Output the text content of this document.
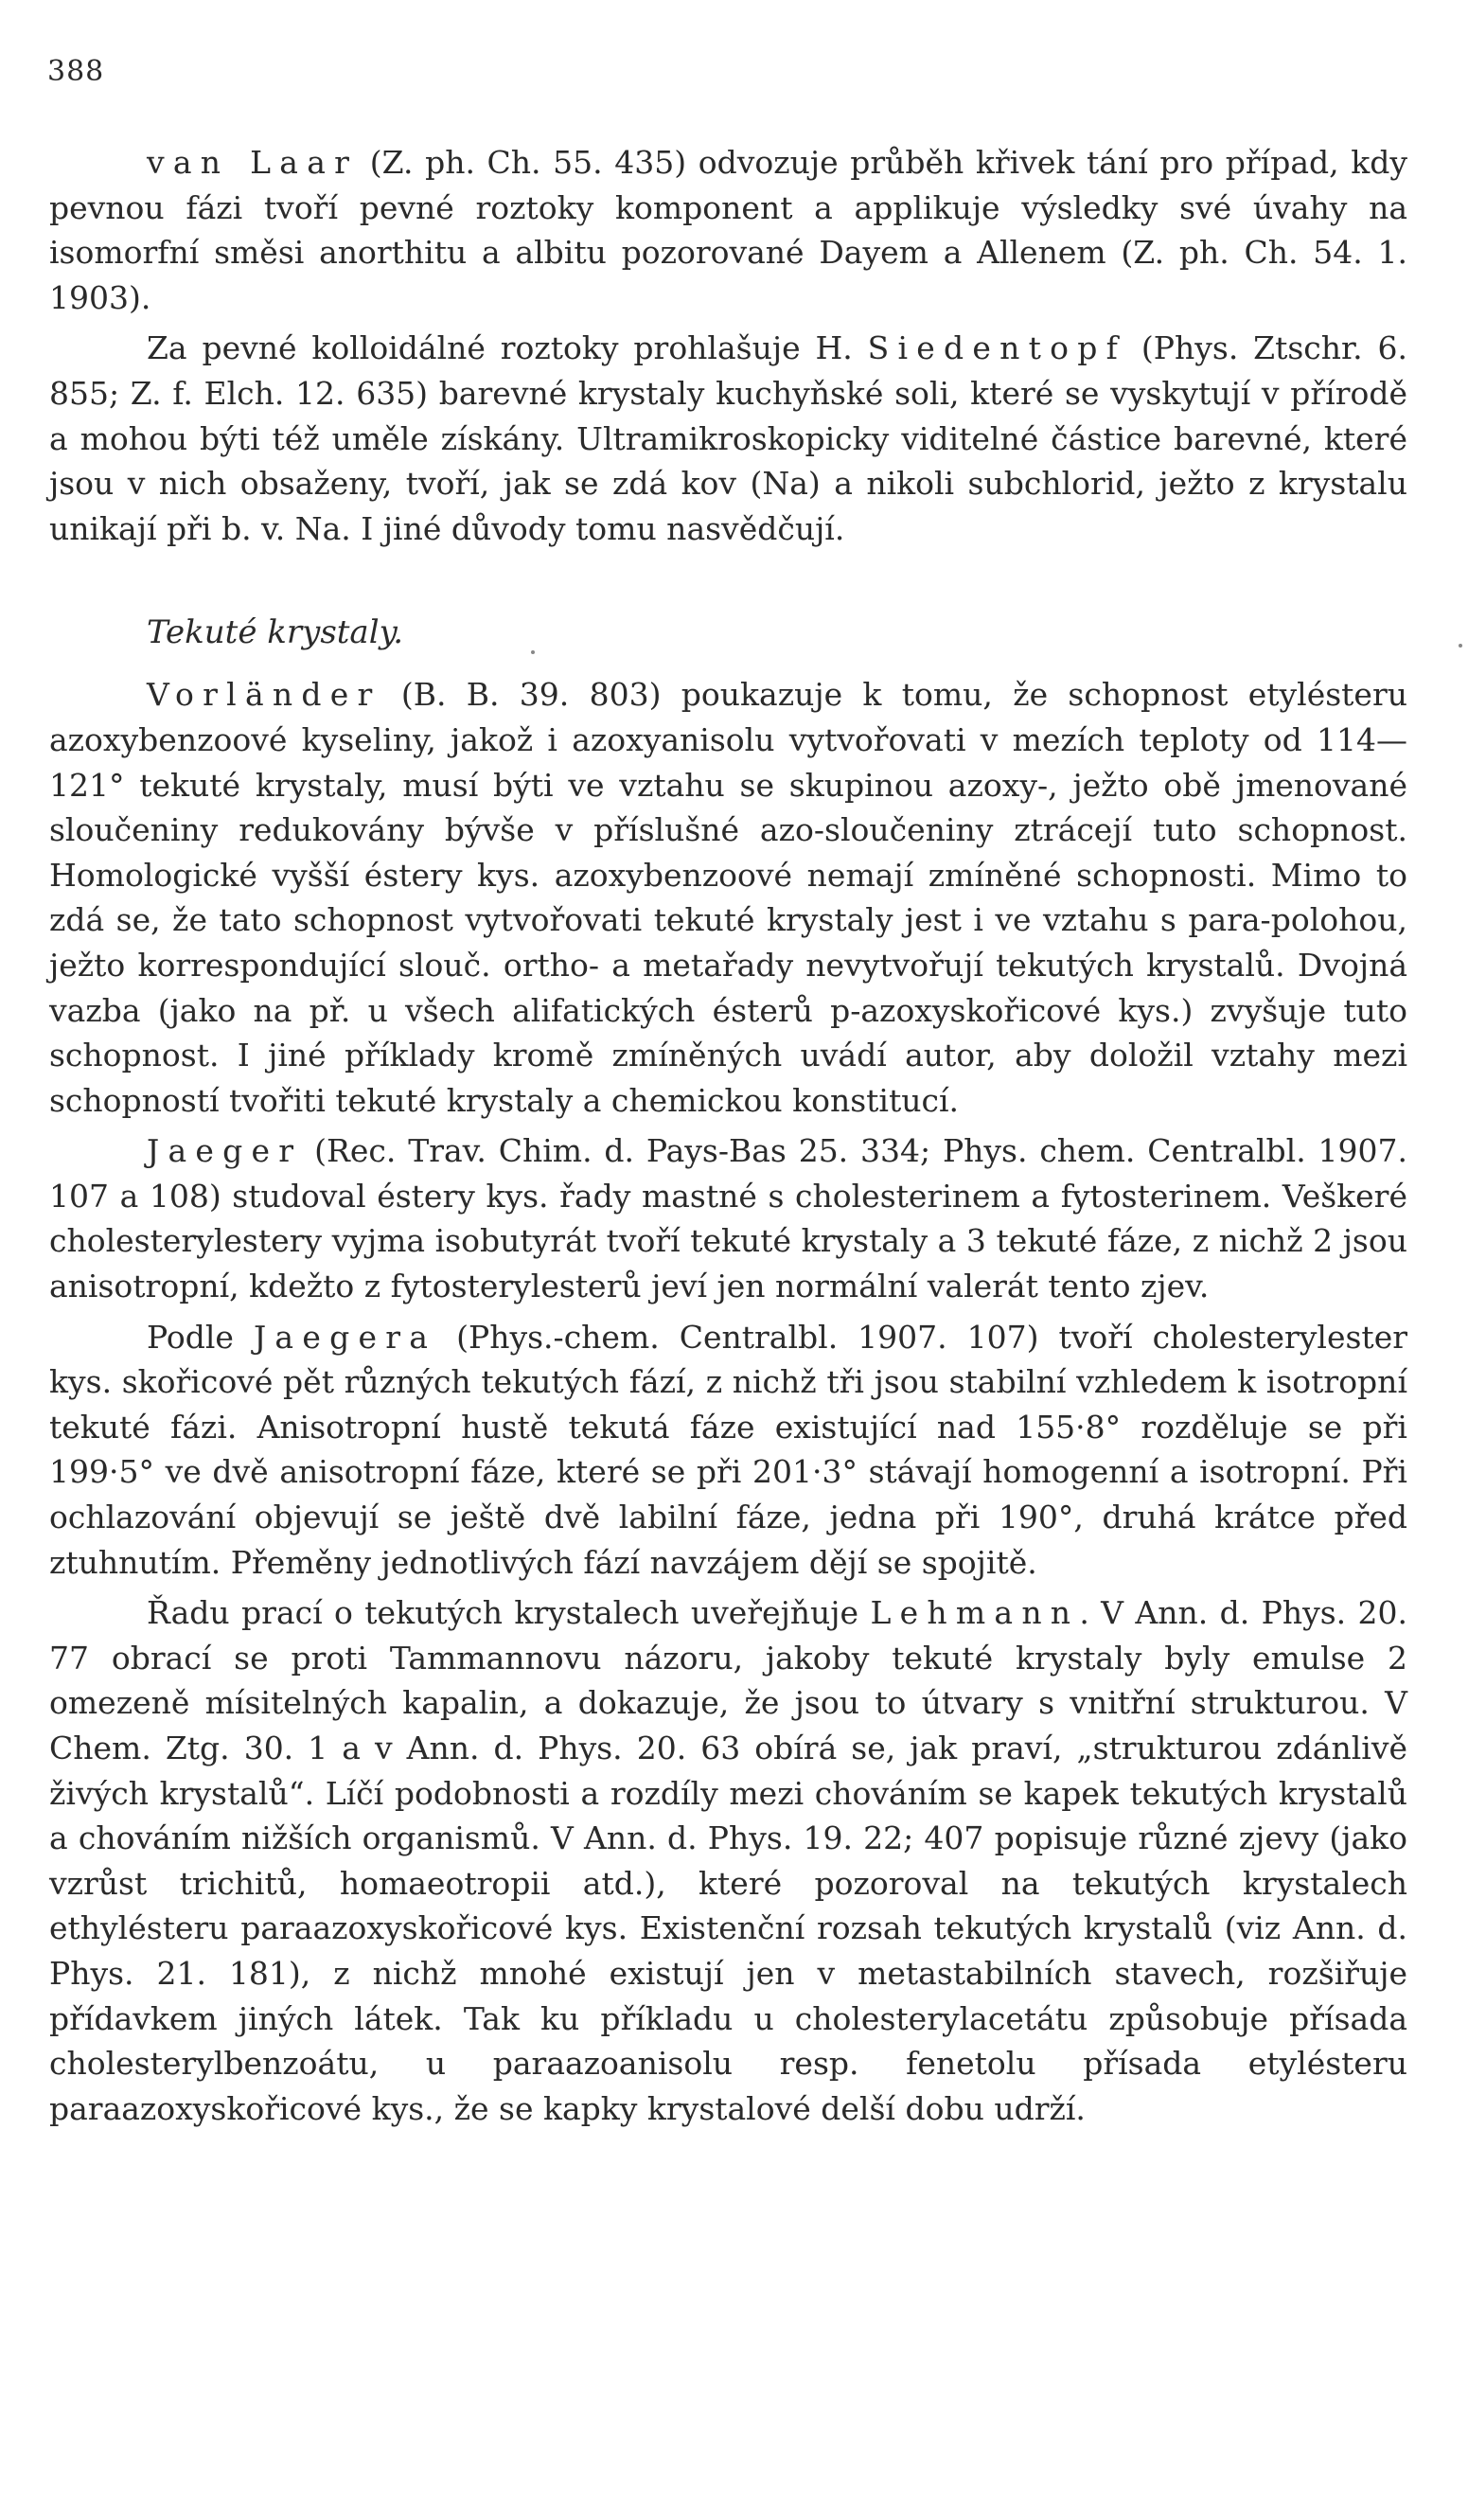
388

van Laar (Z. ph. Ch. 55. 435) odvozuje průběh křivek tání pro případ, kdy pevnou fázi tvoří pevné roztoky komponent a applikuje výsledky své úvahy na isomorfní směsi anorthitu a albitu pozorované Dayem a Allenem (Z. ph. Ch. 54. 1. 1903).

Za pevné kolloidálné roztoky prohlašuje H. Siedentopf (Phys. Ztschr. 6. 855; Z. f. Elch. 12. 635) barevné krystaly kuchyňské soli, které se vyskytují v přírodě a mohou býti též uměle získány. Ultramikroskopicky viditelné částice barevné, které jsou v nich obsaženy, tvoří, jak se zdá kov (Na) a nikoli subchlorid, ježto z krystalu unikají při b. v. Na. I jiné důvody tomu nasvědčují.

Tekuté krystaly.

Vorländer (B. B. 39. 803) poukazuje k tomu, že schopnost etylésteru azoxybenzoové kyseliny, jakož i azoxyanisolu vytvořovati v mezích teploty od 114—121° tekuté krystaly, musí býti ve vztahu se skupinou azoxy-, ježto obě jmenované sloučeniny redukovány bývše v příslušné azo-sloučeniny ztrácejí tuto schopnost. Homologické vyšší éstery kys. azoxybenzoové nemají zmíněné schopnosti. Mimo to zdá se, že tato schopnost vytvořovati tekuté krystaly jest i ve vztahu s para-polohou, ježto korrespondující slouč. ortho- a metařady nevytvořují tekutých krystalů. Dvojná vazba (jako na př. u všech alifatických ésterů p-azoxyskořicové kys.) zvyšuje tuto schopnost. I jiné příklady kromě zmíněných uvádí autor, aby doložil vztahy mezi schopností tvořiti tekuté krystaly a chemickou konstitucí.

Jaeger (Rec. Trav. Chim. d. Pays-Bas 25. 334; Phys. chem. Centralbl. 1907. 107 a 108) studoval éstery kys. řady mastné s cholesterinem a fytosterinem. Veškeré cholesterylestery vyjma isobutyrát tvoří tekuté krystaly a 3 tekuté fáze, z nichž 2 jsou anisotropní, kdežto z fytosterylesterů jeví jen normální valerát tento zjev.

Podle Jaegera (Phys.-chem. Centralbl. 1907. 107) tvoří cholesterylester kys. skořicové pět různých tekutých fází, z nichž tři jsou stabilní vzhledem k isotropní tekuté fázi. Anisotropní hustě tekutá fáze existující nad 155·8° rozděluje se při 199·5° ve dvě anisotropní fáze, které se při 201·3° stávají homogenní a isotropní. Při ochlazování objevují se ještě dvě labilní fáze, jedna při 190°, druhá krátce před ztuhnutím. Přeměny jednotlivých fází navzájem dějí se spojitě.

Řadu prací o tekutých krystalech uveřejňuje Lehmann. V Ann. d. Phys. 20. 77 obrací se proti Tammannovu názoru, jakoby tekuté krystaly byly emulse 2 omezeně mísitelných kapalin, a dokazuje, že jsou to útvary s vnitřní strukturou. V Chem. Ztg. 30. 1 a v Ann. d. Phys. 20. 63 obírá se, jak praví, „strukturou zdánlivě živých krystalů“. Líčí podobnosti a rozdíly mezi chováním se kapek tekutých krystalů a chováním nižších organismů. V Ann. d. Phys. 19. 22; 407 popisuje různé zjevy (jako vzrůst trichitů, homaeotropii atd.), které pozoroval na tekutých krystalech ethylésteru paraazoxyskořicové kys. Existenční rozsah tekutých krystalů (viz Ann. d. Phys. 21. 181), z nichž mnohé existují jen v metastabilních stavech, rozšiřuje přídavkem jiných látek. Tak ku příkladu u cholesterylacetátu způsobuje přísada cholesterylbenzoátu, u paraazoanisolu resp. fenetolu přísada etylésteru paraazoxyskořicové kys., že se kapky krystalové delší dobu udrží.
